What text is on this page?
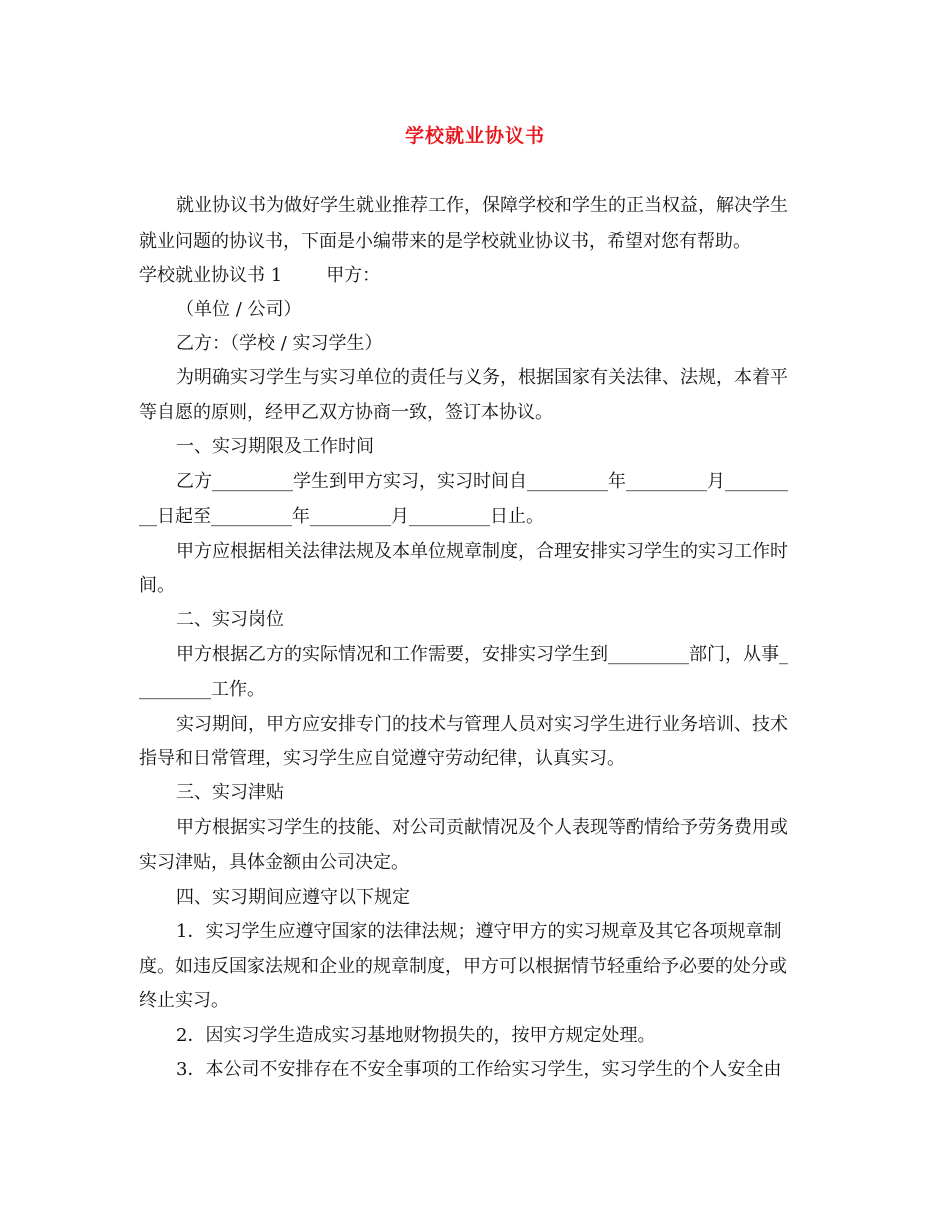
学校就业协议书
就业协议书为做好学生就业推荐工作，保障学校和学生的正当权益，解决学生
就业问题的协议书，下面是小编带来的是学校就业协议书，希望对您有帮助。
学校就业协议书 1 甲方：
（单位 / 公司）
乙方：（学校 / 实习学生）
为明确实习学生与实习单位的责任与义务，根据国家有关法律、法规，本着平
等自愿的原则，经甲乙双方协商一致，签订本协议。
一、实习期限及工作时间
乙方_________学生到甲方实习，实习时间自_________年_________月_______
__日起至_________年_________月_________日止。
甲方应根据相关法律法规及本单位规章制度，合理安排实习学生的实习工作时
间。
二、实习岗位
甲方根据乙方的实际情况和工作需要，安排实习学生到_________部门，从事_
________工作。
实习期间，甲方应安排专门的技术与管理人员对实习学生进行业务培训、技术
指导和日常管理，实习学生应自觉遵守劳动纪律，认真实习。
三、实习津贴
甲方根据实习学生的技能、对公司贡献情况及个人表现等酌情给予劳务费用或
实习津贴，具体金额由公司决定。
四、实习期间应遵守以下规定
1．实习学生应遵守国家的法律法规；遵守甲方的实习规章及其它各项规章制
度。如违反国家法规和企业的规章制度，甲方可以根据情节轻重给予必要的处分或
终止实习。
2．因实习学生造成实习基地财物损失的，按甲方规定处理。
3．本公司不安排存在不安全事项的工作给实习学生，实习学生的个人安全由
